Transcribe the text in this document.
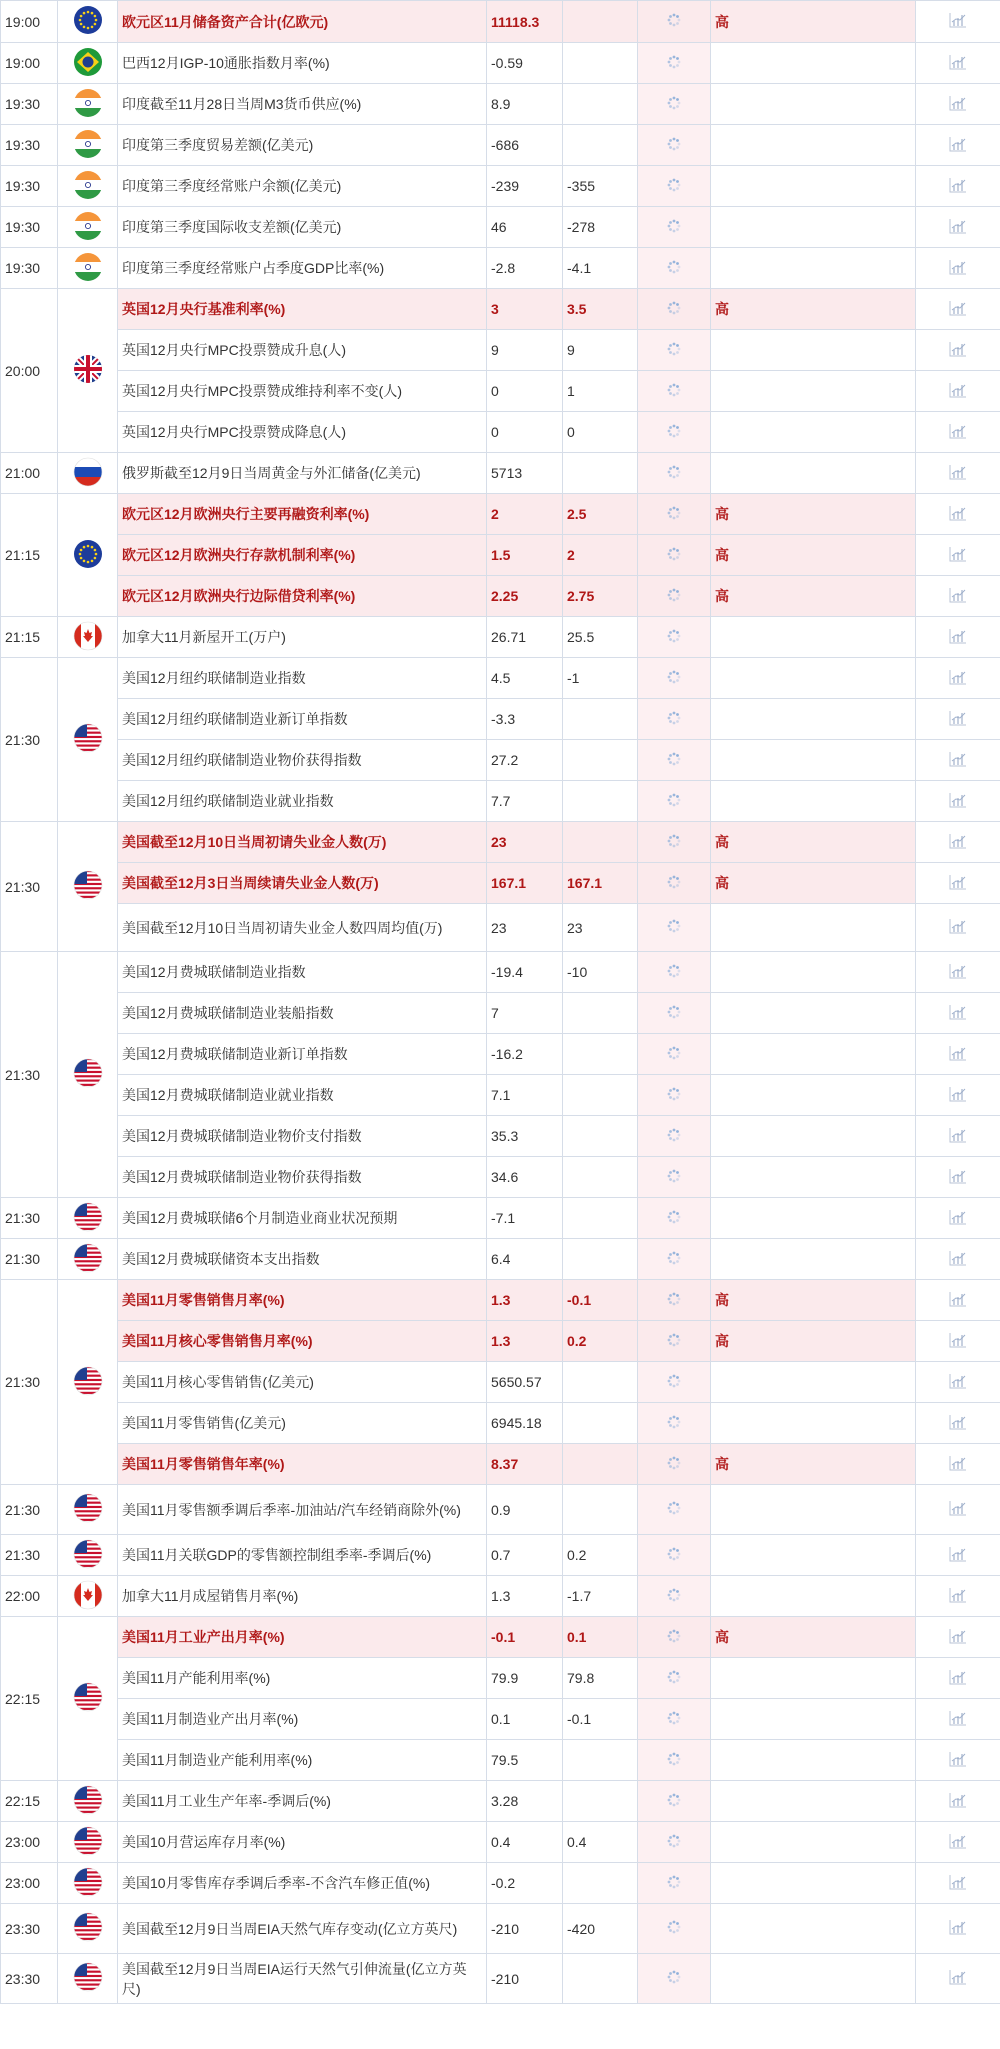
19:00		欧元区11月储备资产合计(亿欧元)	11118.3			高	
19:00		巴西12月IGP-10通胀指数月率(%)	-0.59				
19:30		印度截至11月28日当周M3货币供应(%)	8.9				
19:30		印度第三季度贸易差额(亿美元)	-686				
19:30		印度第三季度经常账户余额(亿美元)	-239	-355			
19:30		印度第三季度国际收支差额(亿美元)	46	-278			
19:30		印度第三季度经常账户占季度GDP比率(%)	-2.8	-4.1			
20:00		英国12月央行基准利率(%)	3	3.5		高	
		英国12月央行MPC投票赞成升息(人)	9	9			
		英国12月央行MPC投票赞成维持利率不变(人)	0	1			
		英国12月央行MPC投票赞成降息(人)	0	0			
21:00		俄罗斯截至12月9日当周黄金与外汇储备(亿美元)	5713				
21:15		欧元区12月欧洲央行主要再融资利率(%)	2	2.5		高	
		欧元区12月欧洲央行存款机制利率(%)	1.5	2		高	
		欧元区12月欧洲央行边际借贷利率(%)	2.25	2.75		高	
21:15		加拿大11月新屋开工(万户)	26.71	25.5			
21:30		美国12月纽约联储制造业指数	4.5	-1			
		美国12月纽约联储制造业新订单指数	-3.3				
		美国12月纽约联储制造业物价获得指数	27.2				
		美国12月纽约联储制造业就业指数	7.7				
21:30		美国截至12月10日当周初请失业金人数(万)	23			高	
		美国截至12月3日当周续请失业金人数(万)	167.1	167.1		高	
		美国截至12月10日当周初请失业金人数四周均值(万)	23	23			
21:30		美国12月费城联储制造业指数	-19.4	-10			
		美国12月费城联储制造业装船指数	7				
		美国12月费城联储制造业新订单指数	-16.2				
		美国12月费城联储制造业就业指数	7.1				
		美国12月费城联储制造业物价支付指数	35.3				
		美国12月费城联储制造业物价获得指数	34.6				
21:30		美国12月费城联储6个月制造业商业状况预期	-7.1				
21:30		美国12月费城联储资本支出指数	6.4				
21:30		美国11月零售销售月率(%)	1.3	-0.1		高	
		美国11月核心零售销售月率(%)	1.3	0.2		高	
		美国11月核心零售销售(亿美元)	5650.57				
		美国11月零售销售(亿美元)	6945.18				
		美国11月零售销售年率(%)	8.37			高	
21:30		美国11月零售额季调后季率-加油站/汽车经销商除外(%)	0.9				
21:30		美国11月关联GDP的零售额控制组季率-季调后(%)	0.7	0.2			
22:00		加拿大11月成屋销售月率(%)	1.3	-1.7			
22:15		美国11月工业产出月率(%)	-0.1	0.1		高	
		美国11月产能利用率(%)	79.9	79.8			
		美国11月制造业产出月率(%)	0.1	-0.1			
		美国11月制造业产能利用率(%)	79.5				
22:15		美国11月工业生产年率-季调后(%)	3.28				
23:00		美国10月营运库存月率(%)	0.4	0.4			
23:00		美国10月零售库存季调后季率-不含汽车修正值(%)	-0.2				
23:30		美国截至12月9日当周EIA天然气库存变动(亿立方英尺)	-210	-420			
23:30		美国截至12月9日当周EIA运行天然气引伸流量(亿立方英尺)	-210				
